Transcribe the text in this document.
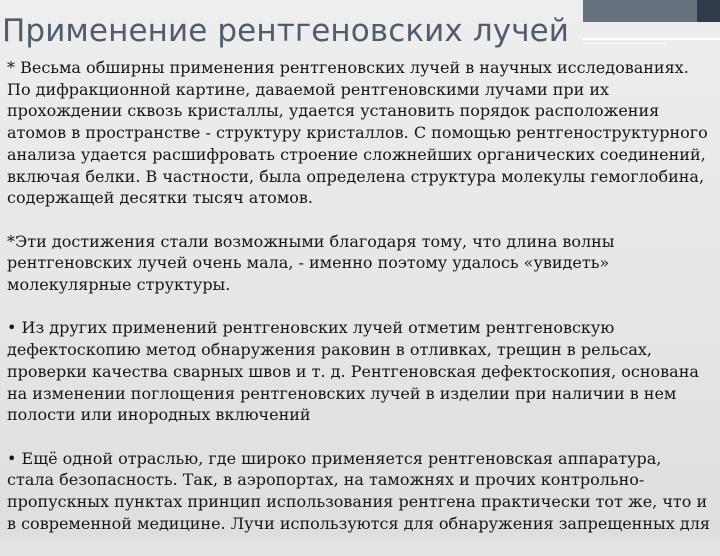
Применение рентгеновских лучей

* Весьма обширны применения рентгеновских лучей в научных исследованиях. По дифракционной картине, даваемой рентгеновскими лучами при их прохождении сквозь кристаллы, удается установить порядок расположения атомов в пространстве - структуру кристаллов. С помощью рентгеноструктурного анализа удается расшифровать строение сложнейших органических соединений, включая белки. В частности, была определена структура молекулы гемоглобина, содержащей десятки тысяч атомов.

*Эти достижения стали возможными благодаря тому, что длина волны рентгеновских лучей очень мала, - именно поэтому удалось «увидеть» молекулярные структуры.

• Из других применений рентгеновских лучей отметим рентгеновскую дефектоскопию метод обнаружения раковин в отливках, трещин в рельсах, проверки качества сварных швов и т. д. Рентгеновская дефектоскопия, основана на изменении поглощения рентгеновских лучей в изделии при наличии в нем полости или инородных включений

• Ещё одной отраслью, где широко применяется рентгеновская аппаратура, стала безопасность. Так, в аэропортах, на таможнях и прочих контрольно-пропускных пунктах принцип использования рентгена практически тот же, что и в современной медицине. Лучи используются для обнаружения запрещенных для
